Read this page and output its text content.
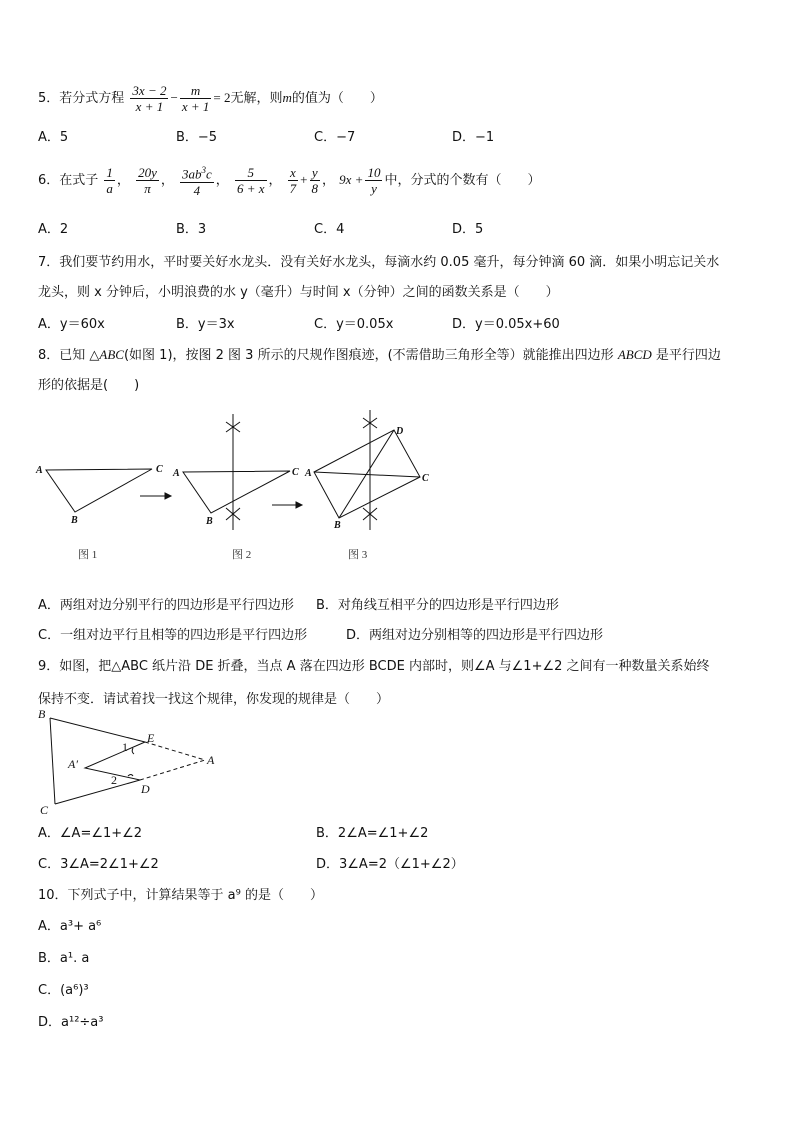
5．若分式方程 $\frac{3x - 2}{x + 1} - \frac{m}{x + 1} = 2$无解，则m的值为（　　）
A．5	B．−5	C．−7	D．−1
6．在式子 $\frac{1}{a}$ ， $\frac{20y}{\pi}$ ， $\frac{3ab^3c}{4}$ ， $\frac{5}{6 + x}$ ， $\frac{x}{7} + \frac{y}{8}$ ， $9x + \frac{10}{y}$ 中，分式的个数有（　　）
A．2	B．3	C．4	D．5
7．我们要节约用水，平时要关好水龙头．没有关好水龙头，每滴水约 0.05 毫升，每分钟滴 60 滴．如果小明忘记关水
龙头，则 x 分钟后，小明浪费的水 y（毫升）与时间 x（分钟）之间的函数关系是（　　）
A．y＝60x	B．y＝3x	C．y＝0.05x	D．y＝0.05x+60
8．已知 △ABC(如图 1)，按图 2 图 3 所示的尺规作图痕迹，(不需借助三角形全等）就能推出四边形 ABCD 是平行四边
形的依据是(　　)
A	C
B
A	C
B
A
D
C
B
图 1	图 2	图 3
A．两组对边分别平行的四边形是平行四边形 B．对角线互相平分的四边形是平行四边形
C．一组对边平行且相等的四边形是平行四边形	D．两组对边分别相等的四边形是平行四边形
9．如图，把△ABC 纸片沿 DE 折叠，当点 A 落在四边形 BCDE 内部时，则∠A 与∠1+∠2 之间有一种数量关系始终
保持不变．请试着找一找这个规律，你发现的规律是（　　）
B
C
E
D
A
A′
1
2
A．∠A=∠1+∠2	B．2∠A=∠1+∠2
C．3∠A=2∠1+∠2	D．3∠A=2（∠1+∠2）
10．下列式子中，计算结果等于 a⁹ 的是（　　）
A．a³+ a⁶
B．a¹. a
C．(a⁶)³
D．a¹²÷a³
